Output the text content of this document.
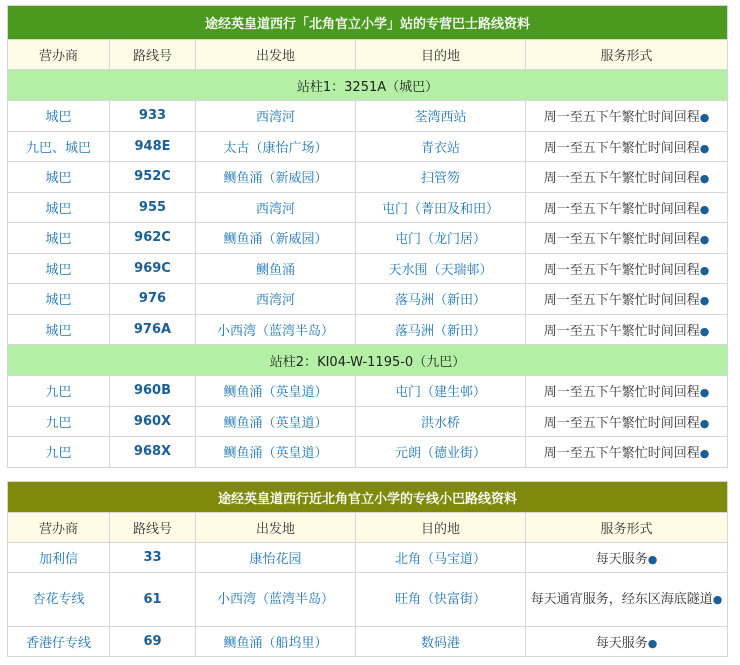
途经英皇道西行「北角官立小学」站的专营巴士路线资料				
营办商	路线号	出发地	目的地	服务形式
站柱1：3251A（城巴）				
城巴	933	西湾河	荃湾西站	周一至五下午繁忙时间回程●
九巴、城巴	948E	太古（康怡广场）	青衣站	周一至五下午繁忙时间回程●
城巴	952C	鲗鱼涌（新威园）	扫管笏	周一至五下午繁忙时间回程●
城巴	955	西湾河	屯门（菁田及和田）	周一至五下午繁忙时间回程●
城巴	962C	鲗鱼涌（新威园）	屯门（龙门居）	周一至五下午繁忙时间回程●
城巴	969C	鲗鱼涌	天水围（天瑞邨）	周一至五下午繁忙时间回程●
城巴	976	西湾河	落马洲（新田）	周一至五下午繁忙时间回程●
城巴	976A	小西湾（蓝湾半岛）	落马洲（新田）	周一至五下午繁忙时间回程●
站柱2：KI04-W-1195-0（九巴）				
九巴	960B	鲗鱼涌（英皇道）	屯门（建生邨）	周一至五下午繁忙时间回程●
九巴	960X	鲗鱼涌（英皇道）	洪水桥	周一至五下午繁忙时间回程●
九巴	968X	鲗鱼涌（英皇道）	元朗（德业街）	周一至五下午繁忙时间回程●
途经英皇道西行近北角官立小学的专线小巴路线资料				
营办商	路线号	出发地	目的地	服务形式
加利信	33	康怡花园	北角（马宝道）	每天服务●
杏花专线	61	小西湾（蓝湾半岛）	旺角（快富街）	每天通宵服务，经东区海底隧道●
香港仔专线	69	鲗鱼涌（船坞里）	数码港	每天服务●
